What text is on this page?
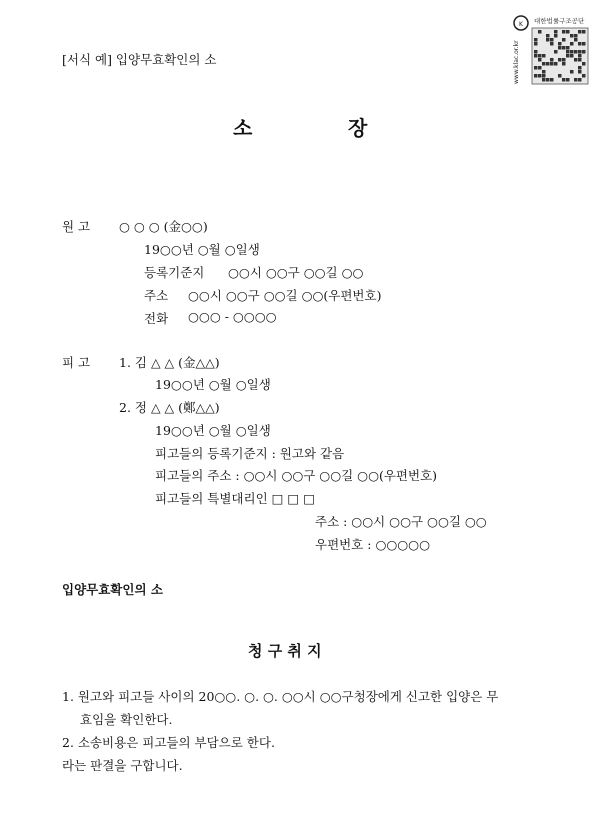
K
www.klac.or.kr
대한법률구조공단
[서식 예] 입양무효확인의 소
소	장
원 고 ○ ○ ○ (金○○)
19○○년 ○월 ○일생
등록기준지 ○○시 ○○구 ○○길 ○○
주소 ○○시 ○○구 ○○길 ○○(우편번호)
전화 ○○○ - ○○○○
피 고 1. 김 △ △ (金△△)
19○○년 ○월 ○일생
2. 정 △ △ (鄭△△)
19○○년 ○월 ○일생
피고들의 등록기준지 : 원고와 같음
피고들의 주소 : ○○시 ○○구 ○○길 ○○(우편번호)
피고들의 특별대리인 □ □ □
주소 : ○○시 ○○구 ○○길 ○○
우편번호 : ○○○○○
입양무효확인의 소
청 구 취 지
1. 원고와 피고들 사이의 20○○. ○. ○. ○○시 ○○구청장에게 신고한 입양은 무
효임을 확인한다.
2. 소송비용은 피고들의 부담으로 한다.
라는 판결을 구합니다.
